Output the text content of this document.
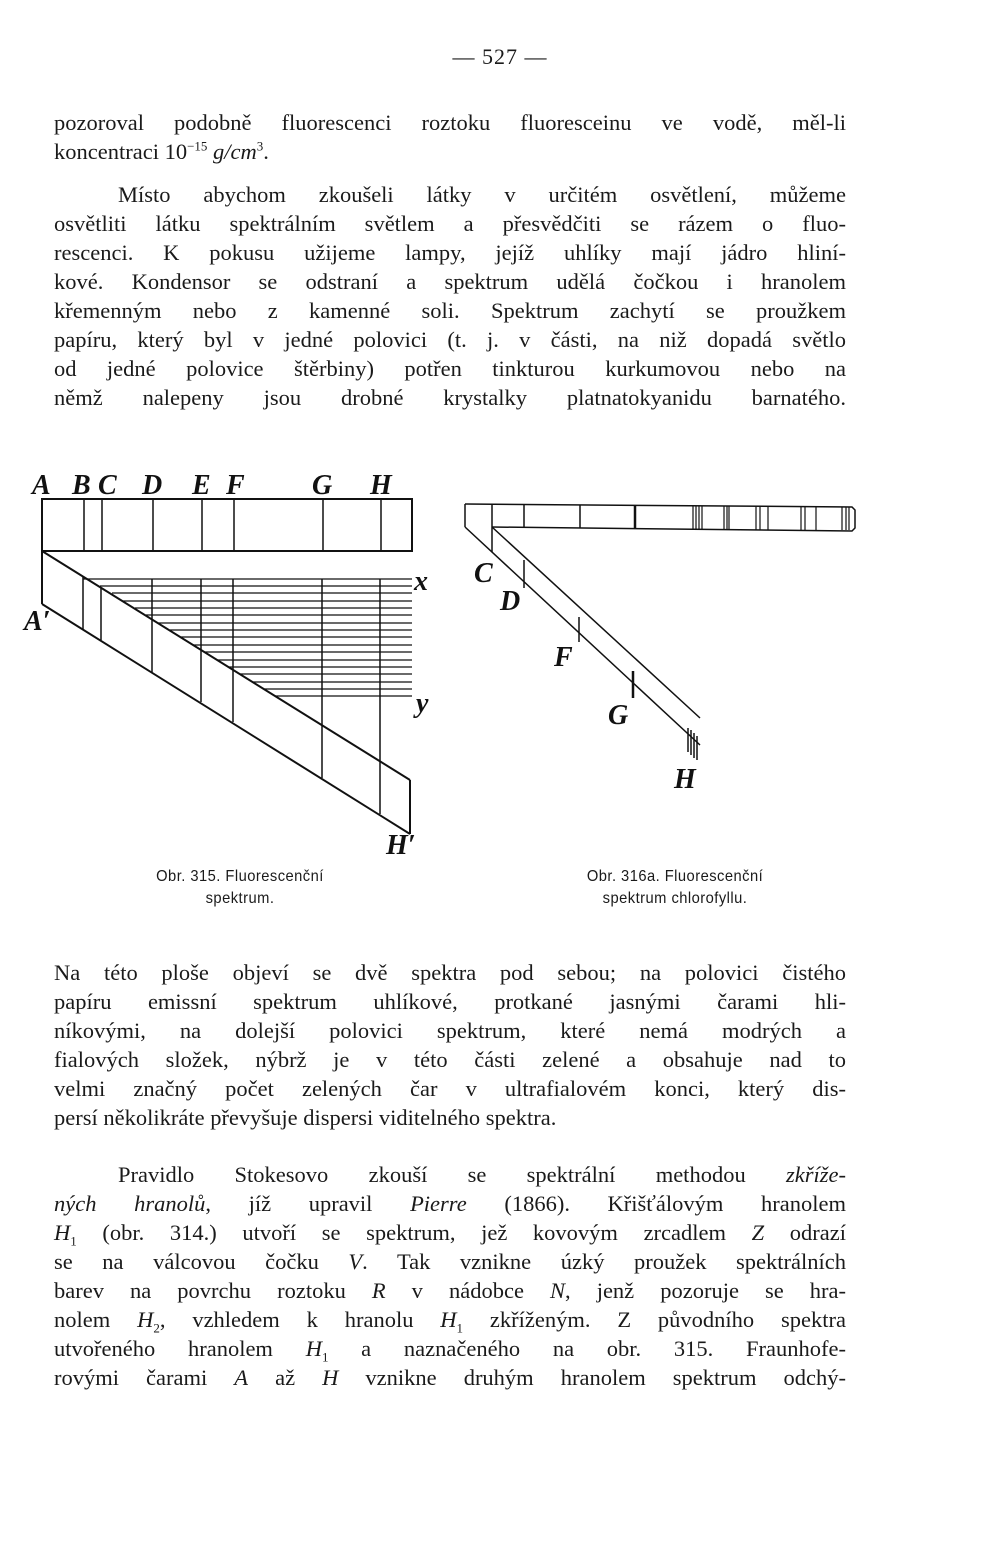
— 527 —
pozoroval podobně fluorescenci roztoku fluoresceinu ve vodě, měl-li
koncentraci $10^{-15}$ $g/cm^3$.
Místo abychom zkoušeli látky v určitém osvětlení, můžeme
osvětliti látku spektrálním světlem a přesvědčiti se rázem o fluo-
rescenci. K pokusu užijeme lampy, jejíž uhlíky mají jádro hliní-
kové. Kondensor se odstraní a spektrum udělá čočkou i hranolem
křemenným nebo z kamenné soli. Spektrum zachytí se proužkem
papíru, který byl v jedné polovici (t. j. v části, na niž dopadá světlo
od jedné polovice štěrbiny) potřen tinkturou kurkumovou nebo na
němž nalepeny jsou drobné krystalky platnatokyanidu barnatého.
A B C D E F G H
A′
x
y
H′
Obr. 315. Fluorescenční
spektrum.
C
D
F
G
H
Obr. 316a. Fluorescenční
spektrum chlorofyllu.
Na této ploše objeví se dvě spektra pod sebou; na polovici čistého
papíru emissní spektrum uhlíkové, protkané jasnými čarami hli-
níkovými, na dolejší polovici spektrum, které nemá modrých a
fialových složek, nýbrž je v této části zelené a obsahuje nad to
velmi značný počet zelených čar v ultrafialovém konci, který dis-
persí několikráte převyšuje dispersi viditelného spektra.
Pravidlo Stokesovo zkouší se spektrální methodou zkříže-
ných hranolů, jíž upravil Pierre (1866). Křišťálovým hranolem
$H_1$ (obr. 314.) utvoří se spektrum, jež kovovým zrcadlem Z odrazí
se na válcovou čočku V. Tak vznikne úzký proužek spektrálních
barev na povrchu roztoku R v nádobce N, jenž pozoruje se hra-
nolem $H_2$, vzhledem k hranolu $H_1$ zkříženým. Z původního spektra
utvořeného hranolem $H_1$ a naznačeného na obr. 315. Fraunhofe-
rovými čarami A až H vznikne druhým hranolem spektrum odchý-
